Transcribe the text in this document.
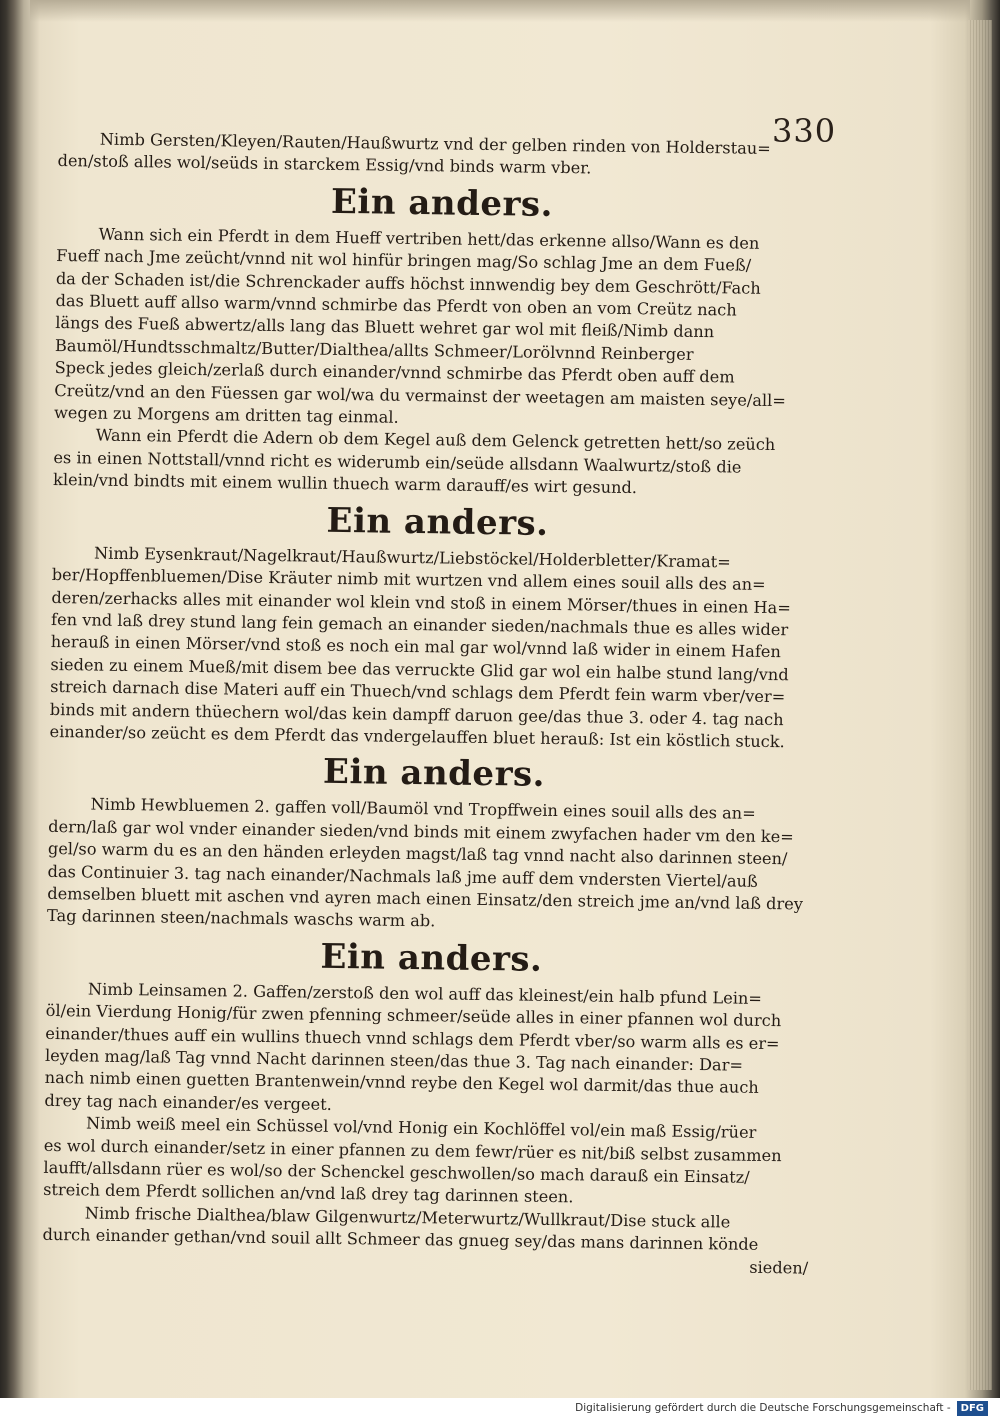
330
Nimb Gersten/Kleyen/Rauten/Haußwurtz vnd der gelben rinden von Holderstau=
den/stoß alles wol/seüds in starckem Essig/vnd binds warm vber.
Ein anders.
Wann sich ein Pferdt in dem Hueff vertriben hett/das erkenne allso/Wann es den
Fueff nach Jme zeücht/vnnd nit wol hinfür bringen mag/So schlag Jme an dem Fueß/
da der Schaden ist/die Schrenckader auffs höchst innwendig bey dem Geschrött/Fach
das Bluett auff allso warm/vnnd schmirbe das Pferdt von oben an vom Creütz nach
längs des Fueß abwertz/alls lang das Bluett wehret gar wol mit fleiß/Nimb dann
Baumöl/Hundtsschmaltz/Butter/Dialthea/allts Schmeer/Lorölvnnd Reinberger
Speck jedes gleich/zerlaß durch einander/vnnd schmirbe das Pferdt oben auff dem
Creütz/vnd an den Füessen gar wol/wa du vermainst der weetagen am maisten seye/all=
wegen zu Morgens am dritten tag einmal.
Wann ein Pferdt die Adern ob dem Kegel auß dem Gelenck getretten hett/so zeüch
es in einen Nottstall/vnnd richt es widerumb ein/seüde allsdann Waalwurtz/stoß die
klein/vnd bindts mit einem wullin thuech warm darauff/es wirt gesund.
Ein anders.
Nimb Eysenkraut/Nagelkraut/Haußwurtz/Liebstöckel/Holderbletter/Kramat=
ber/Hopffenbluemen/Dise Kräuter nimb mit wurtzen vnd allem eines souil alls des an=
deren/zerhacks alles mit einander wol klein vnd stoß in einem Mörser/thues in einen Ha=
fen vnd laß drey stund lang fein gemach an einander sieden/nachmals thue es alles wider
herauß in einen Mörser/vnd stoß es noch ein mal gar wol/vnnd laß wider in einem Hafen
sieden zu einem Mueß/mit disem bee das verruckte Glid gar wol ein halbe stund lang/vnd
streich darnach dise Materi auff ein Thuech/vnd schlags dem Pferdt fein warm vber/ver=
binds mit andern thüechern wol/das kein dampff daruon gee/das thue 3. oder 4. tag nach
einander/so zeücht es dem Pferdt das vndergelauffen bluet herauß: Ist ein köstlich stuck.
Ein anders.
Nimb Hewbluemen 2. gaffen voll/Baumöl vnd Tropffwein eines souil alls des an=
dern/laß gar wol vnder einander sieden/vnd binds mit einem zwyfachen hader vm den ke=
gel/so warm du es an den händen erleyden magst/laß tag vnnd nacht also darinnen steen/
das Continuier 3. tag nach einander/Nachmals laß jme auff dem vndersten Viertel/auß
demselben bluett mit aschen vnd ayren mach einen Einsatz/den streich jme an/vnd laß drey
Tag darinnen steen/nachmals waschs warm ab.
Ein anders.
Nimb Leinsamen 2. Gaffen/zerstoß den wol auff das kleinest/ein halb pfund Lein=
öl/ein Vierdung Honig/für zwen pfenning schmeer/seüde alles in einer pfannen wol durch
einander/thues auff ein wullins thuech vnnd schlags dem Pferdt vber/so warm alls es er=
leyden mag/laß Tag vnnd Nacht darinnen steen/das thue 3. Tag nach einander: Dar=
nach nimb einen guetten Brantenwein/vnnd reybe den Kegel wol darmit/das thue auch
drey tag nach einander/es vergeet.
Nimb weiß meel ein Schüssel vol/vnd Honig ein Kochlöffel vol/ein maß Essig/rüer
es wol durch einander/setz in einer pfannen zu dem fewr/rüer es nit/biß selbst zusammen
laufft/allsdann rüer es wol/so der Schenckel geschwollen/so mach darauß ein Einsatz/
streich dem Pferdt sollichen an/vnd laß drey tag darinnen steen.
Nimb frische Dialthea/blaw Gilgenwurtz/Meterwurtz/Wullkraut/Dise stuck alle
durch einander gethan/vnd souil allt Schmeer das gnueg sey/das mans darinnen könde
sieden/
Digitalisierung gefördert durch die Deutsche Forschungsgemeinschaft -	DFG
